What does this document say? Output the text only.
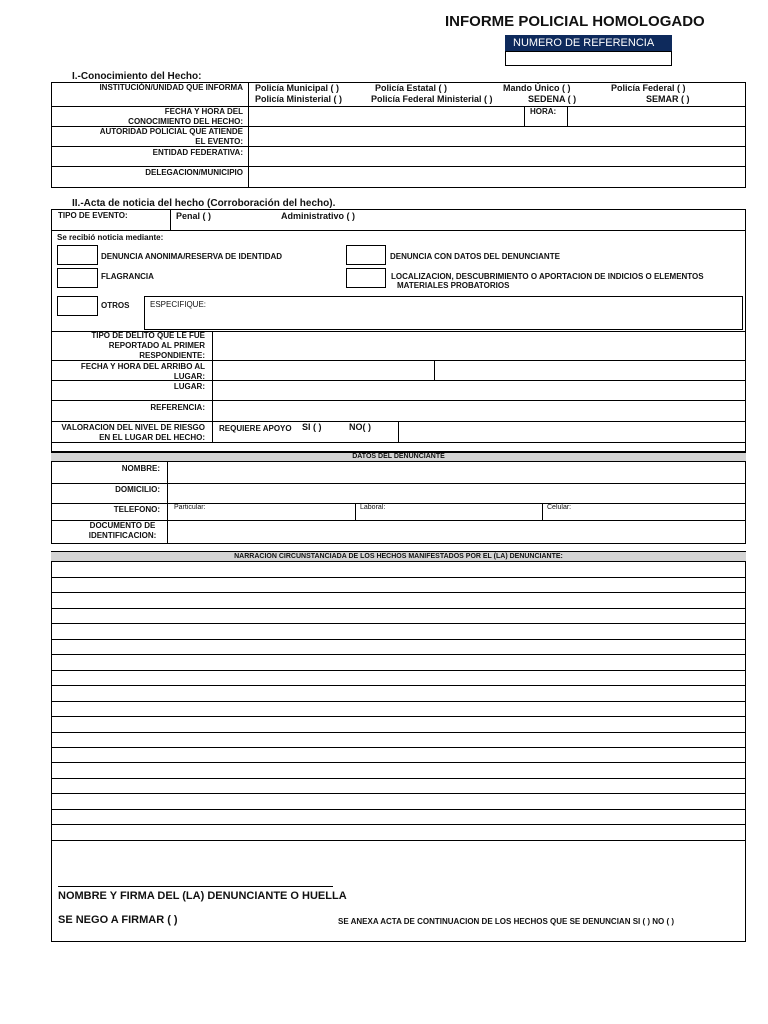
INFORME POLICIAL HOMOLOGADO
NUMERO DE REFERENCIA
I.-Conocimiento del Hecho:
INSTITUCIÓN/UNIDAD QUE INFORMA Policía Municipal ( )	Policía Estatal ( )	Mando Único ( )	Policía Federal ( )
Policía Ministerial ( )	Policía Federal Ministerial ( )	SEDENA ( )	SEMAR ( )
FECHA Y HORA DEL CONOCIMIENTO DEL HECHO:
HORA:
AUTORIDAD POLICIAL QUE ATIENDE EL EVENTO:
ENTIDAD FEDERATIVA:
DELEGACION/MUNICIPIO
II.-Acta de noticia del hecho (Corroboración del hecho).
TIPO DE EVENTO:	Penal ( )	Administrativo ( )
Se recibió noticia mediante:
DENUNCIA ANONIMA/RESERVA DE IDENTIDAD	DENUNCIA CON DATOS DEL DENUNCIANTE
FLAGRANCIA	LOCALIZACION, DESCUBRIMIENTO O APORTACION DE INDICIOS O ELEMENTOS
MATERIALES PROBATORIOS
OTROS	ESPECIFIQUE:
TIPO DE DELITO QUE LE FUE REPORTADO AL PRIMER RESPONDIENTE:
FECHA Y HORA DEL ARRIBO AL LUGAR:
LUGAR:
REFERENCIA:
VALORACION DEL NIVEL DE RIESGO EN EL LUGAR DEL HECHO:
REQUIERE APOYO SI ( )	NO( )
DATOS DEL DENUNCIANTE
NOMBRE:
DOMICILIO:
TELEFONO: Particular:	Laboral:	Celular:
DOCUMENTO DE IDENTIFICACION:
NARRACION CIRCUNSTANCIADA DE LOS HECHOS MANIFESTADOS POR EL (LA) DENUNCIANTE:
NOMBRE Y FIRMA DEL (LA) DENUNCIANTE O HUELLA
SE NEGO A FIRMAR ( )	SE ANEXA ACTA DE CONTINUACION DE LOS HECHOS QUE SE DENUNCIAN SI ( ) NO ( )
